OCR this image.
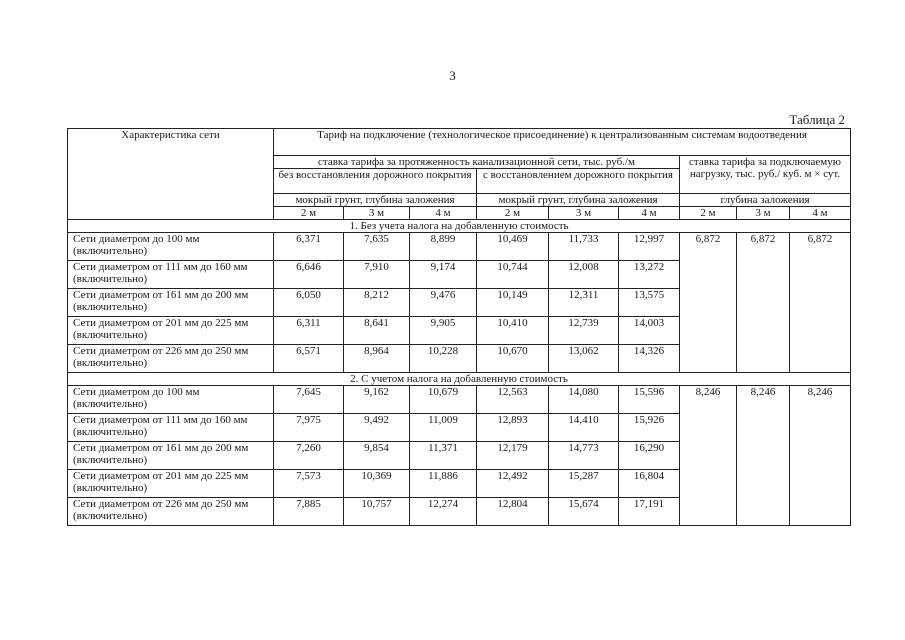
3
Таблица 2
Характеристика сети	Тариф на подключение (технологическое присоединение) к централизованным системам водоотведения								
	ставка тарифа за протяженность канализационной сети, тыс. руб./м						ставка тарифа за подключаемую нагрузку, тыс. руб./ куб. м × сут.		
	без восстановления дорожного покрытия			с восстановлением дорожного покрытия					
	мокрый грунт, глубина заложения			мокрый грунт, глубина заложения			глубина заложения		
	2 м	3 м	4 м	2 м	3 м	4 м	2 м	3 м	4 м
1. Без учета налога на добавленную стоимость									
Сети диаметром до 100 мм (включительно)	6,371	7,635	8,899	10,469	11,733	12,997	6,872	6,872	6,872
Сети диаметром от 111 мм до 160 мм (включительно)	6,646	7,910	9,174	10,744	12,008	13,272			
Сети диаметром от 161 мм до 200 мм (включительно)	6,050	8,212	9,476	10,149	12,311	13,575			
Сети диаметром от 201 мм до 225 мм (включительно)	6,311	8,641	9,905	10,410	12,739	14,003			
Сети диаметром от 226 мм до 250 мм (включительно)	6,571	8,964	10,228	10,670	13,062	14,326			
2. С учетом налога на добавленную стоимость									
Сети диаметром до 100 мм (включительно)	7,645	9,162	10,679	12,563	14,080	15,596	8,246	8,246	8,246
Сети диаметром от 111 мм до 160 мм (включительно)	7,975	9,492	11,009	12,893	14,410	15,926			
Сети диаметром от 161 мм до 200 мм (включительно)	7,260	9,854	11,371	12,179	14,773	16,290			
Сети диаметром от 201 мм до 225 мм (включительно)	7,573	10,369	11,886	12,492	15,287	16,804			
Сети диаметром от 226 мм до 250 мм (включительно)	7,885	10,757	12,274	12,804	15,674	17,191			
